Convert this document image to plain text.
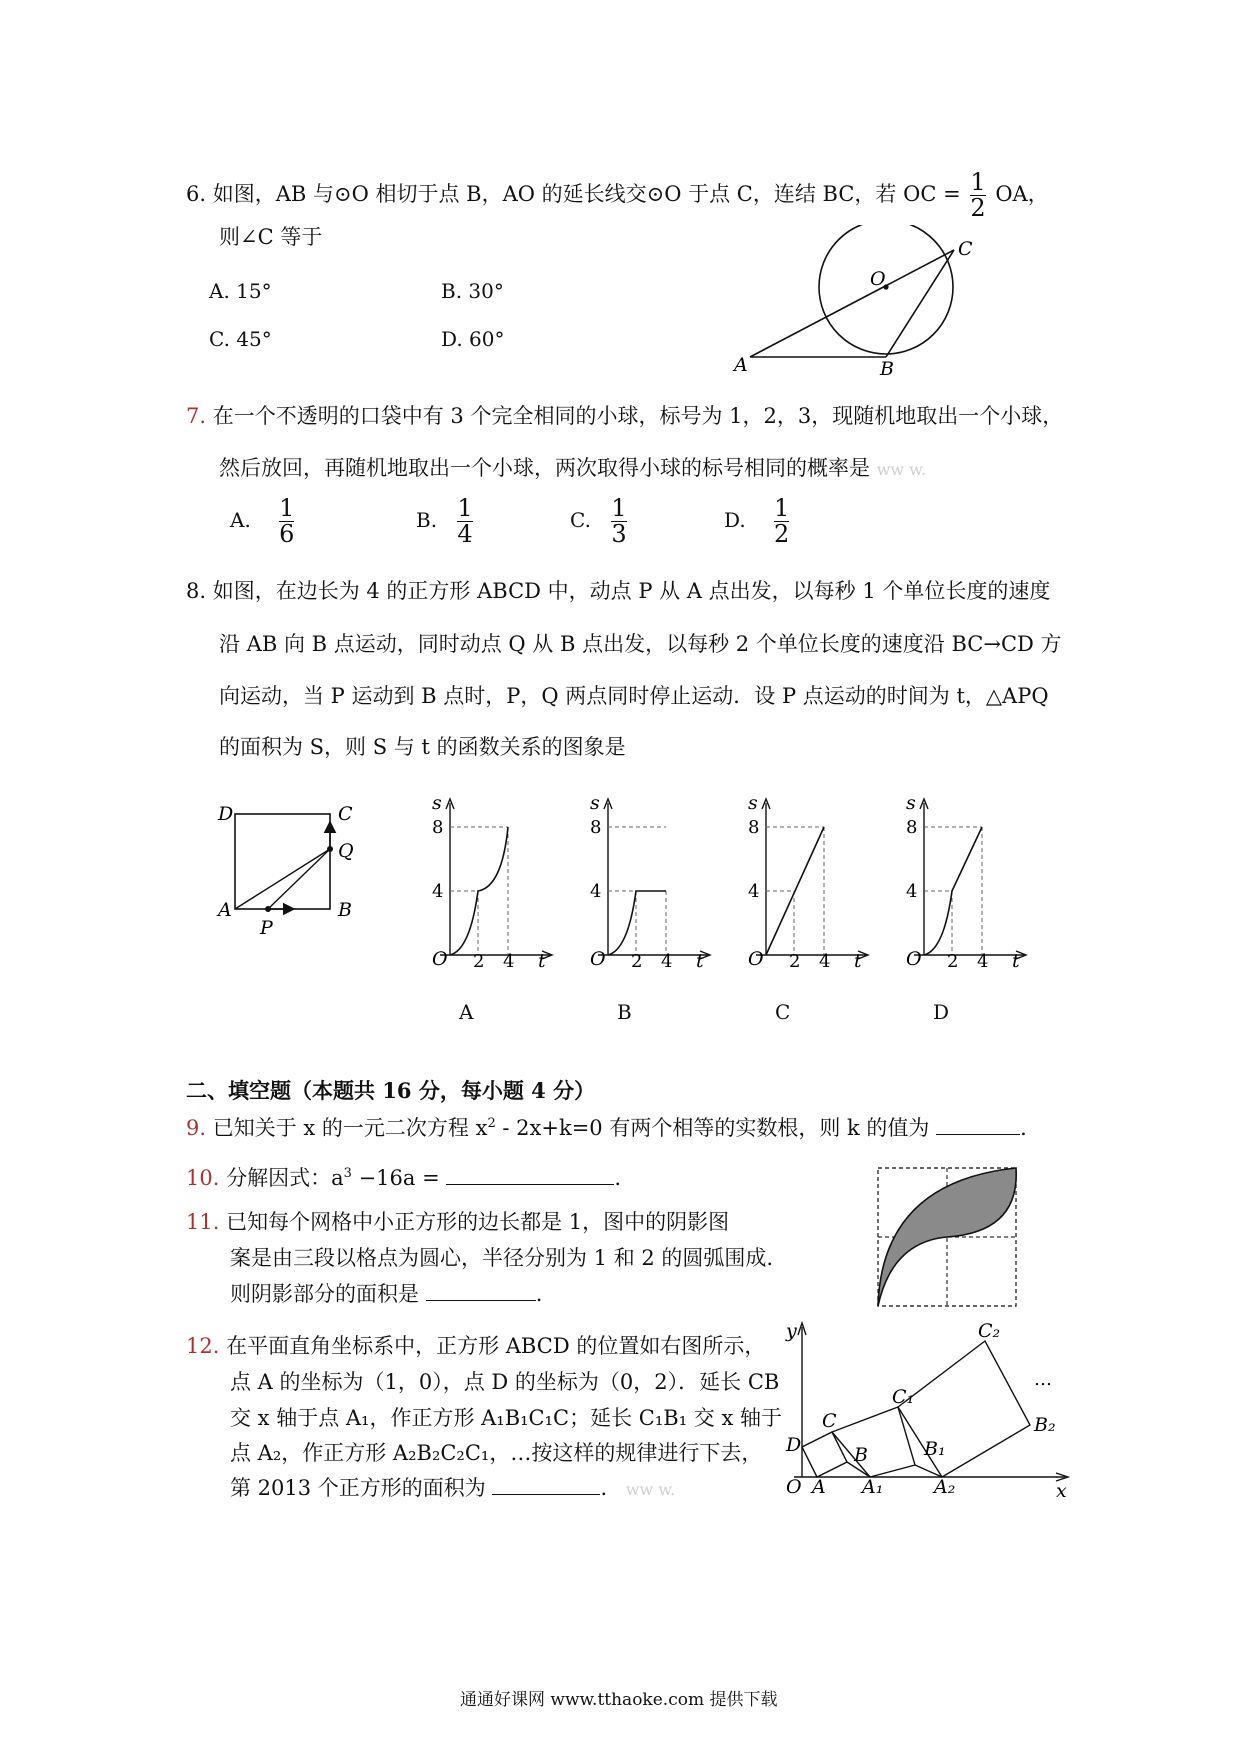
6. 如图，AB 与⊙O 相切于点 B，AO 的延长线交⊙O 于点 C，连结 BC，若 OC = $\frac{1}{2}$ OA，
则∠C 等于
A. 15°	B. 30°
C. 45°	D. 60°
O
C
A	B
7. 在一个不透明的口袋中有 3 个完全相同的小球，标号为 1，2，3，现随机地取出一个小球，
然后放回，再随机地取出一个小球，两次取得小球的标号相同的概率是 ww w.
A. $\frac{1}{6}$	B. $\frac{1}{4}$	C. $\frac{1}{3}$	D. $\frac{1}{2}$
8. 如图，在边长为 4 的正方形 ABCD 中，动点 P 从 A 点出发，以每秒 1 个单位长度的速度
沿 AB 向 B 点运动，同时动点 Q 从 B 点出发，以每秒 2 个单位长度的速度沿 BC→CD 方
向运动，当 P 运动到 B 点时，P，Q 两点同时停止运动．设 P 点运动的时间为 t，△APQ
的面积为 S，则 S 与 t 的函数关系的图象是
D	C
A	B
P
Q
s
8
4
O 2 4 t
A
s
8
4
O 2 4 t
B
s
8
4
O 2 4 t
C
s
8
4
O 2 4 t
D
二、填空题（本题共 16 分，每小题 4 分）
9. 已知关于 x 的一元二次方程 $x^2 - 2x+k=0$ 有两个相等的实数根，则 k 的值为	.
10. 分解因式：$a^3 -16a$ =	.
11. 已知每个网格中小正方形的边长都是 1，图中的阴影图
案是由三段以格点为圆心，半径分别为 1 和 2 的圆弧围成.
则阴影部分的面积是	.
12. 在平面直角坐标系中，正方形 ABCD 的位置如右图所示，
点 A 的坐标为（1，0），点 D 的坐标为（0，2）．延长 CB
交 x 轴于点 A₁，作正方形 A₁B₁C₁C；延长 C₁B₁ 交 x 轴于
点 A₂，作正方形 A₂B₂C₂C₁，…按这样的规律进行下去，
第 2013 个正方形的面积为	. ww w.
y
x
O A A₁	A₂
D
C
B
C₁
B₁
C₂
B₂
…
通通好课网 www.tthaoke.com 提供下载
